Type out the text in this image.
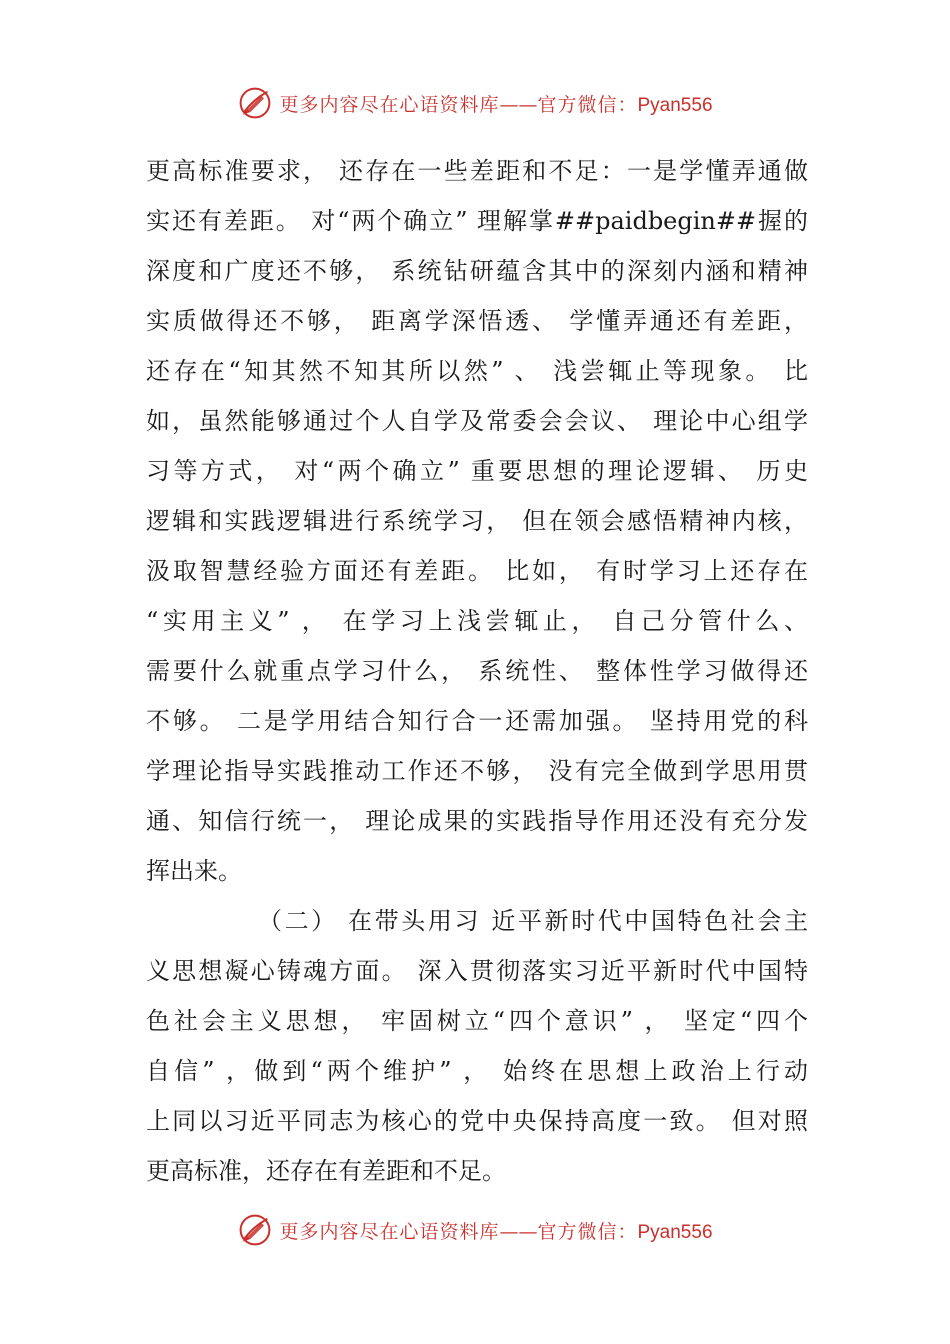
更多内容尽在心语资料库——官方微信：Pyan556
更高标准要求， 还存在一些差距和不足：一是学懂弄通做
实还有差距。 对“两个确立” 理解掌##paidbegin##握的
深度和广度还不够， 系统钻研蕴含其中的深刻内涵和精神
实质做得还不够， 距离学深悟透、 学懂弄通还有差距，
还存在“知其然不知其所以然” 、 浅尝辄止等现象。 比
如，虽然能够通过个人自学及常委会会议、 理论中心组学
习等方式， 对“两个确立” 重要思想的理论逻辑、 历史
逻辑和实践逻辑进行系统学习， 但在领会感悟精神内核，
汲取智慧经验方面还有差距。 比如， 有时学习上还存在
“实用主义” ， 在学习上浅尝辄止， 自己分管什么、
需要什么就重点学习什么， 系统性、 整体性学习做得还
不够。 二是学用结合知行合一还需加强。 坚持用党的科
学理论指导实践推动工作还不够， 没有完全做到学思用贯
通、知信行统一， 理论成果的实践指导作用还没有充分发
挥出来。
（二） 在带头用习 近平新时代中国特色社会主
义思想凝心铸魂方面。 深入贯彻落实习近平新时代中国特
色社会主义思想， 牢固树立“四个意识” ， 坚定“四个
自信” ，做到“两个维护” ， 始终在思想上政治上行动
上同以习近平同志为核心的党中央保持高度一致。 但对照
更高标准，还存在有差距和不足。
更多内容尽在心语资料库——官方微信：Pyan556
